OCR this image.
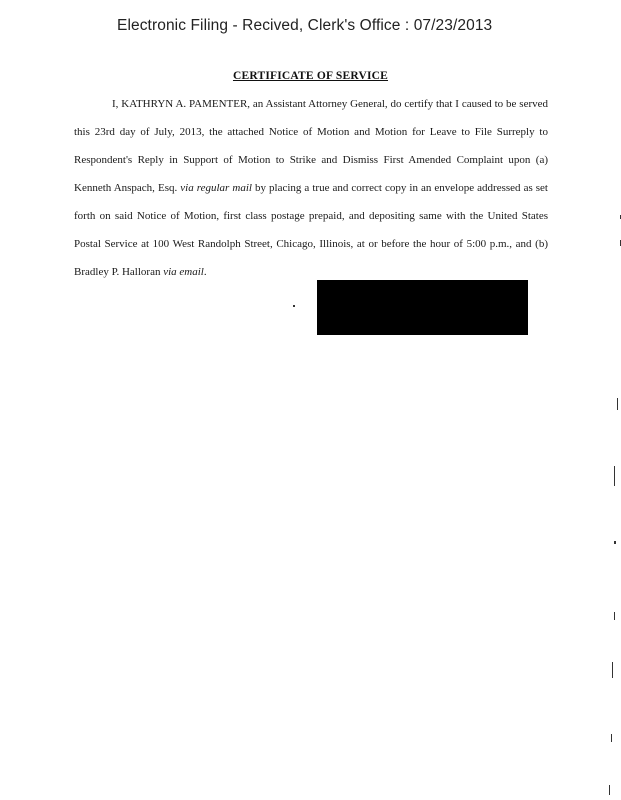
Electronic Filing - Recived, Clerk's Office : 07/23/2013
CERTIFICATE OF SERVICE

I, KATHRYN A. PAMENTER, an Assistant Attorney General, do certify that I caused to be served this 23rd day of July, 2013, the attached Notice of Motion and Motion for Leave to File Surreply to Respondent's Reply in Support of Motion to Strike and Dismiss First Amended Complaint upon (a) Kenneth Anspach, Esq. via regular mail by placing a true and correct copy in an envelope addressed as set forth on said Notice of Motion, first class postage prepaid, and depositing same with the United States Postal Service at 100 West Randolph Street, Chicago, Illinois, at or before the hour of 5:00 p.m., and (b) Bradley P. Halloran via email.
